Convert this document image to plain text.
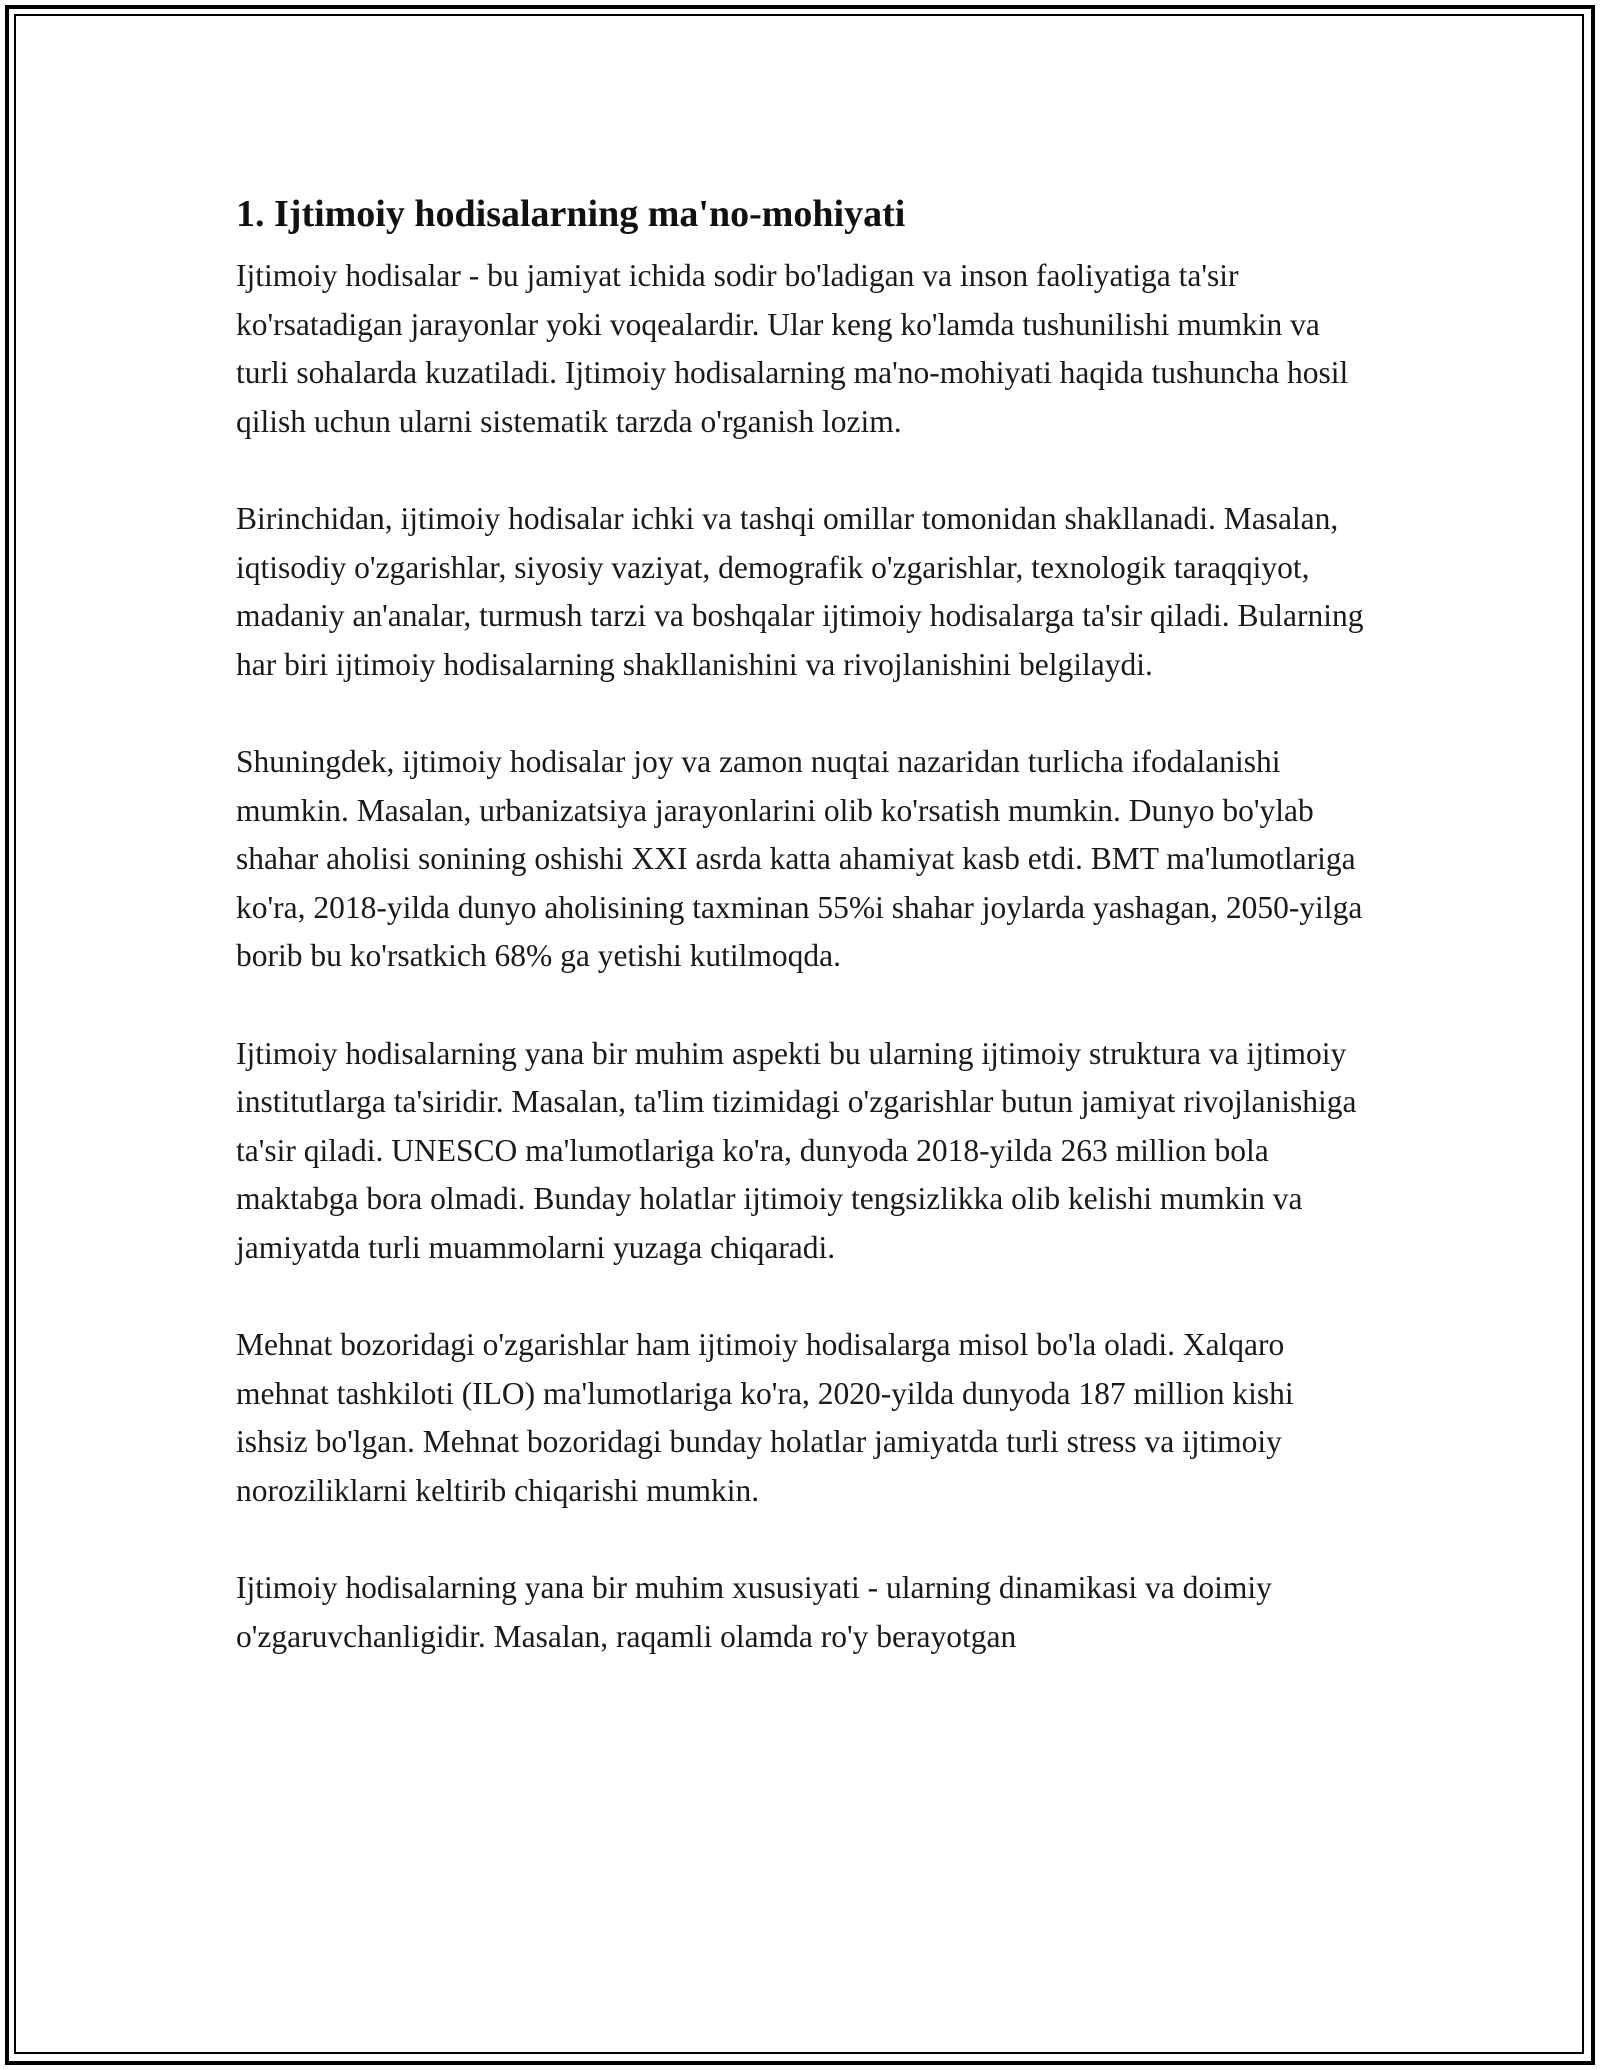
1. Ijtimoiy hodisalarning ma'no-mohiyati

Ijtimoiy hodisalar - bu jamiyat ichida sodir bo'ladigan va inson faoliyatiga ta'sir ko'rsatadigan jarayonlar yoki voqealardir. Ular keng ko'lamda tushunilishi mumkin va turli sohalarda kuzatiladi. Ijtimoiy hodisalarning ma'no-mohiyati haqida tushuncha hosil qilish uchun ularni sistematik tarzda o'rganish lozim.

Birinchidan, ijtimoiy hodisalar ichki va tashqi omillar tomonidan shakllanadi. Masalan, iqtisodiy o'zgarishlar, siyosiy vaziyat, demografik o'zgarishlar, texnologik taraqqiyot, madaniy an'analar, turmush tarzi va boshqalar ijtimoiy hodisalarga ta'sir qiladi. Bularning har biri ijtimoiy hodisalarning shakllanishini va rivojlanishini belgilaydi.

Shuningdek, ijtimoiy hodisalar joy va zamon nuqtai nazaridan turlicha ifodalanishi mumkin. Masalan, urbanizatsiya jarayonlarini olib ko'rsatish mumkin. Dunyo bo'ylab shahar aholisi sonining oshishi XXI asrda katta ahamiyat kasb etdi. BMT ma'lumotlariga ko'ra, 2018-yilda dunyo aholisining taxminan 55%i shahar joylarda yashagan, 2050-yilga borib bu ko'rsatkich 68% ga yetishi kutilmoqda.

Ijtimoiy hodisalarning yana bir muhim aspekti bu ularning ijtimoiy struktura va ijtimoiy institutlarga ta'siridir. Masalan, ta'lim tizimidagi o'zgarishlar butun jamiyat rivojlanishiga ta'sir qiladi. UNESCO ma'lumotlariga ko'ra, dunyoda 2018-yilda 263 million bola maktabga bora olmadi. Bunday holatlar ijtimoiy tengsizlikka olib kelishi mumkin va jamiyatda turli muammolarni yuzaga chiqaradi.

Mehnat bozoridagi o'zgarishlar ham ijtimoiy hodisalarga misol bo'la oladi. Xalqaro mehnat tashkiloti (ILO) ma'lumotlariga ko'ra, 2020-yilda dunyoda 187 million kishi ishsiz bo'lgan. Mehnat bozoridagi bunday holatlar jamiyatda turli stress va ijtimoiy noroziliklarni keltirib chiqarishi mumkin.

Ijtimoiy hodisalarning yana bir muhim xususiyati - ularning dinamikasi va doimiy o'zgaruvchanligidir. Masalan, raqamli olamda ro'y berayotgan
